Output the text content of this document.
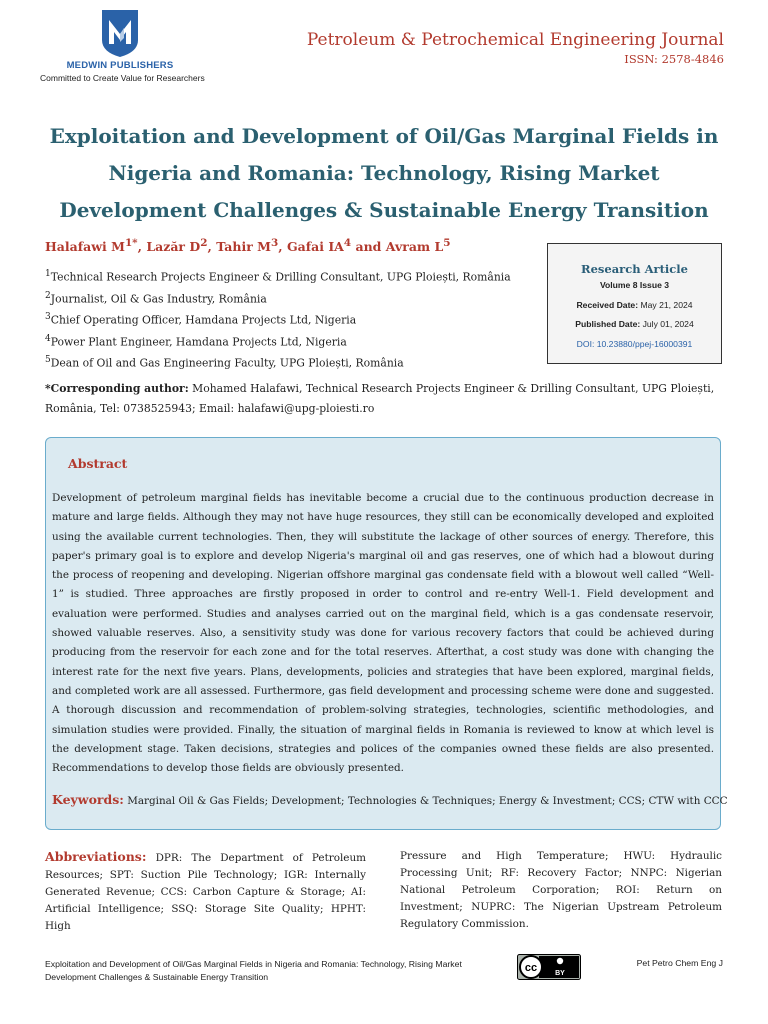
MEDWIN PUBLISHERS
Committed to Create Value for Researchers
Petroleum & Petrochemical Engineering Journal
ISSN: 2578-4846
Exploitation and Development of Oil/Gas Marginal Fields in Nigeria and Romania: Technology, Rising Market Development Challenges & Sustainable Energy Transition
Halafawi $M^{1*}$, Lazăr $D^2$, Tahir $M^3$, Gafai $IA^4$ and Avram $L^5$
$^1$Technical Research Projects Engineer & Drilling Consultant, UPG Ploiești, România
$^2$Journalist, Oil & Gas Industry, România
$^3$Chief Operating Officer, Hamdana Projects Ltd, Nigeria
$^4$Power Plant Engineer, Hamdana Projects Ltd, Nigeria
$^5$Dean of Oil and Gas Engineering Faculty, UPG Ploiești, România
Research Article
Volume 8 Issue 3
Received Date: May 21, 2024
Published Date: July 01, 2024
DOI: 10.23880/ppej-16000391
*Corresponding author: Mohamed Halafawi, Technical Research Projects Engineer & Drilling Consultant, UPG Ploiești, România, Tel: 0738525943; Email: halafawi@upg-ploiesti.ro
Abstract
Development of petroleum marginal fields has inevitable become a crucial due to the continuous production decrease in mature and large fields. Although they may not have huge resources, they still can be economically developed and exploited using the available current technologies. Then, they will substitute the lackage of other sources of energy. Therefore, this paper's primary goal is to explore and develop Nigeria's marginal oil and gas reserves, one of which had a blowout during the process of reopening and developing. Nigerian offshore marginal gas condensate field with a blowout well called “Well-1” is studied. Three approaches are firstly proposed in order to control and re-entry Well-1. Field development and evaluation were performed. Studies and analyses carried out on the marginal field, which is a gas condensate reservoir, showed valuable reserves. Also, a sensitivity study was done for various recovery factors that could be achieved during producing from the reservoir for each zone and for the total reserves. Afterthat, a cost study was done with changing the interest rate for the next five years. Plans, developments, policies and strategies that have been explored, marginal fields, and completed work are all assessed. Furthermore, gas field development and processing scheme were done and suggested. A thorough discussion and recommendation of problem-solving strategies, technologies, scientific methodologies, and simulation studies were provided. Finally, the situation of marginal fields in Romania is reviewed to know at which level is the development stage. Taken decisions, strategies and polices of the companies owned these fields are also presented. Recommendations to develop those fields are obviously presented.
Keywords: Marginal Oil & Gas Fields; Development; Technologies & Techniques; Energy & Investment; CCS; CTW with CCC
Abbreviations: DPR: The Department of Petroleum Resources; SPT: Suction Pile Technology; IGR: Internally Generated Revenue; CCS: Carbon Capture & Storage; AI: Artificial Intelligence; SSQ: Storage Site Quality; HPHT: High
Pressure and High Temperature; HWU: Hydraulic Processing Unit; RF: Recovery Factor; NNPC: Nigerian National Petroleum Corporation; ROI: Return on Investment; NUPRC: The Nigerian Upstream Petroleum Regulatory Commission.
Exploitation and Development of Oil/Gas Marginal Fields in Nigeria and Romania: Technology, Rising Market Development Challenges & Sustainable Energy Transition
cc	BY
Pet Petro Chem Eng J
